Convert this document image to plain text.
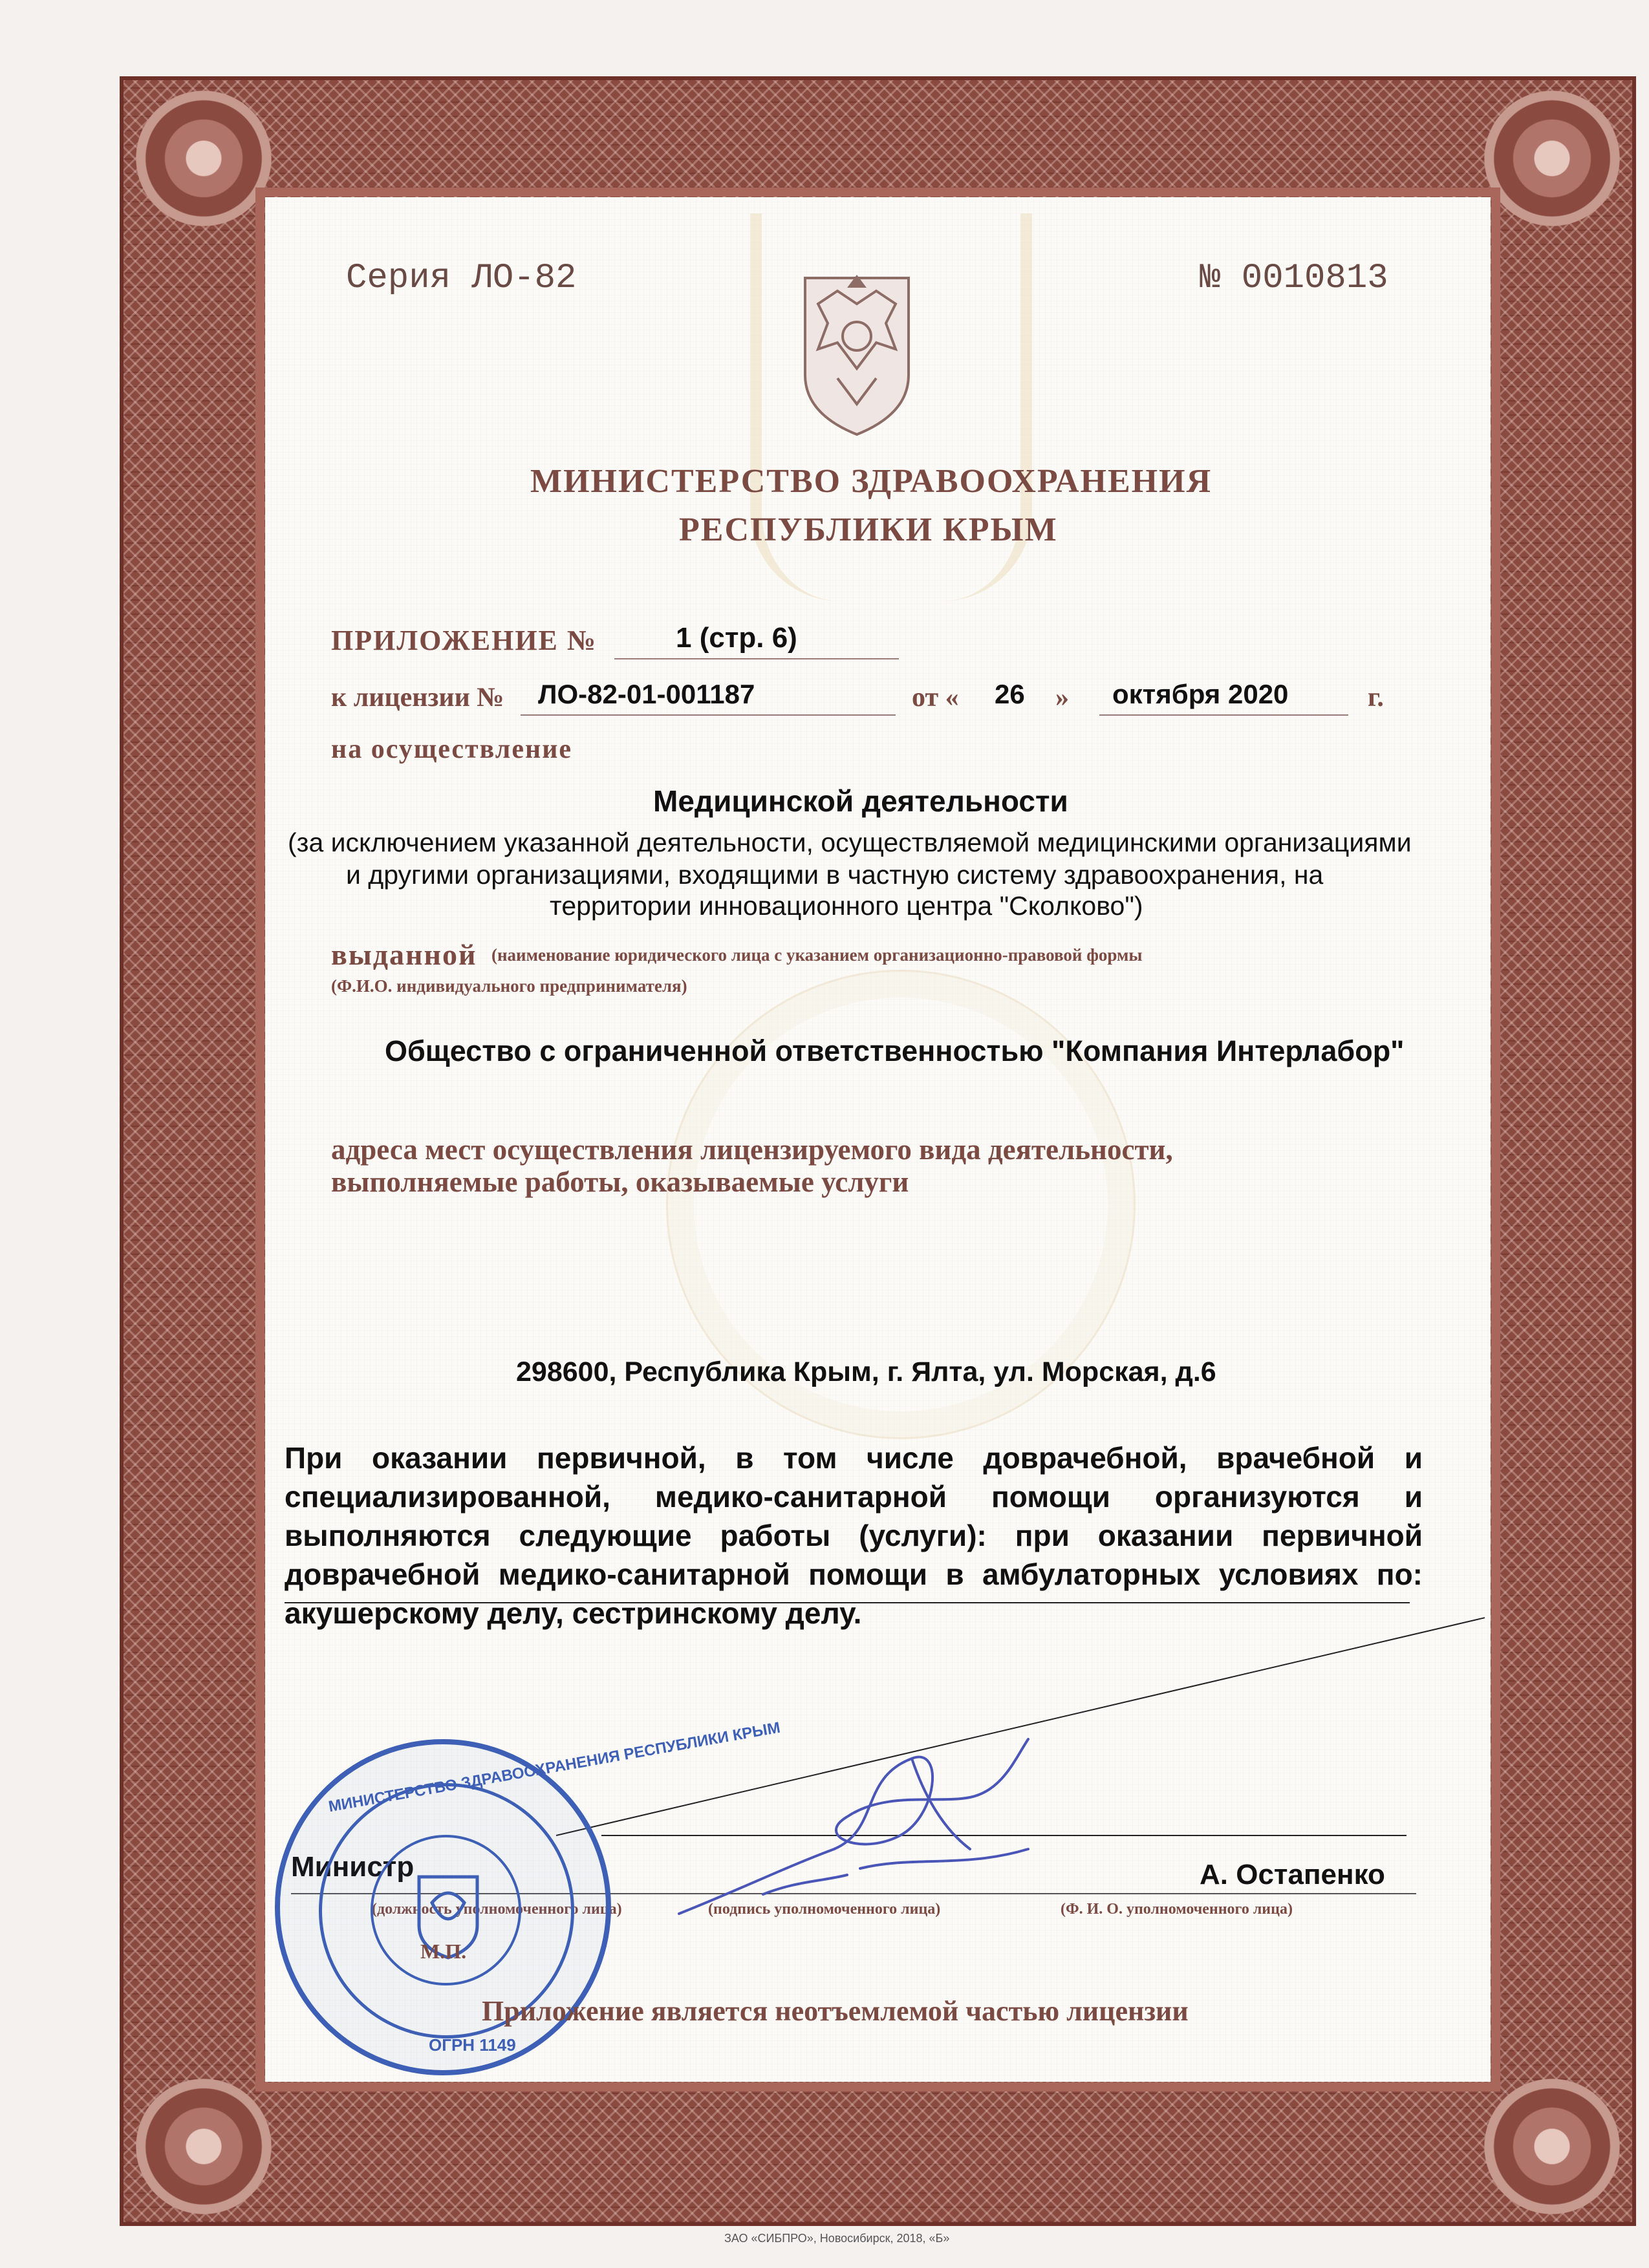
Серия ЛО-82	№ 0010813
МИНИСТЕРСТВО ЗДРАВООХРАНЕНИЯ
РЕСПУБЛИКИ КРЫМ
ПРИЛОЖЕНИЕ №	1 (стр. 6)
к лицензии № ЛО-82-01-001187	от « 26 » октября 2020	г.
на осуществление
Медицинской деятельности
(за исключением указанной деятельности, осуществляемой медицинскими организациями
и другими организациями, входящими в частную систему здравоохранения, на
территории инновационного центра "Сколково")
выданной (наименование юридического лица с указанием организационно-правовой формы
(Ф.И.О. индивидуального предпринимателя)
Общество с ограниченной ответственностью "Компания Интерлабор"
адреса мест осуществления лицензируемого вида деятельности,
выполняемые работы, оказываемые услуги
298600, Республика Крым, г. Ялта, ул. Морская, д.6
При оказании первичной, в том числе доврачебной, врачебной и специализированной, медико-санитарной помощи организуются и выполняются следующие работы (услуги): при оказании первичной доврачебной медико-санитарной помощи в амбулаторных условиях по: акушерскому делу, сестринскому делу.
Министр	А. Остапенко
(должность уполномоченного лица)	(подпись уполномоченного лица)	(Ф. И. О. уполномоченного лица)
МИНИСТЕРСТВО ЗДРАВООХРАНЕНИЯ РЕСПУБЛИКИ КРЫМ
ОГРН 1149
М.П.
Приложение является неотъемлемой частью лицензии
ЗАО «СИБПРО», Новосибирск, 2018, «Б»
